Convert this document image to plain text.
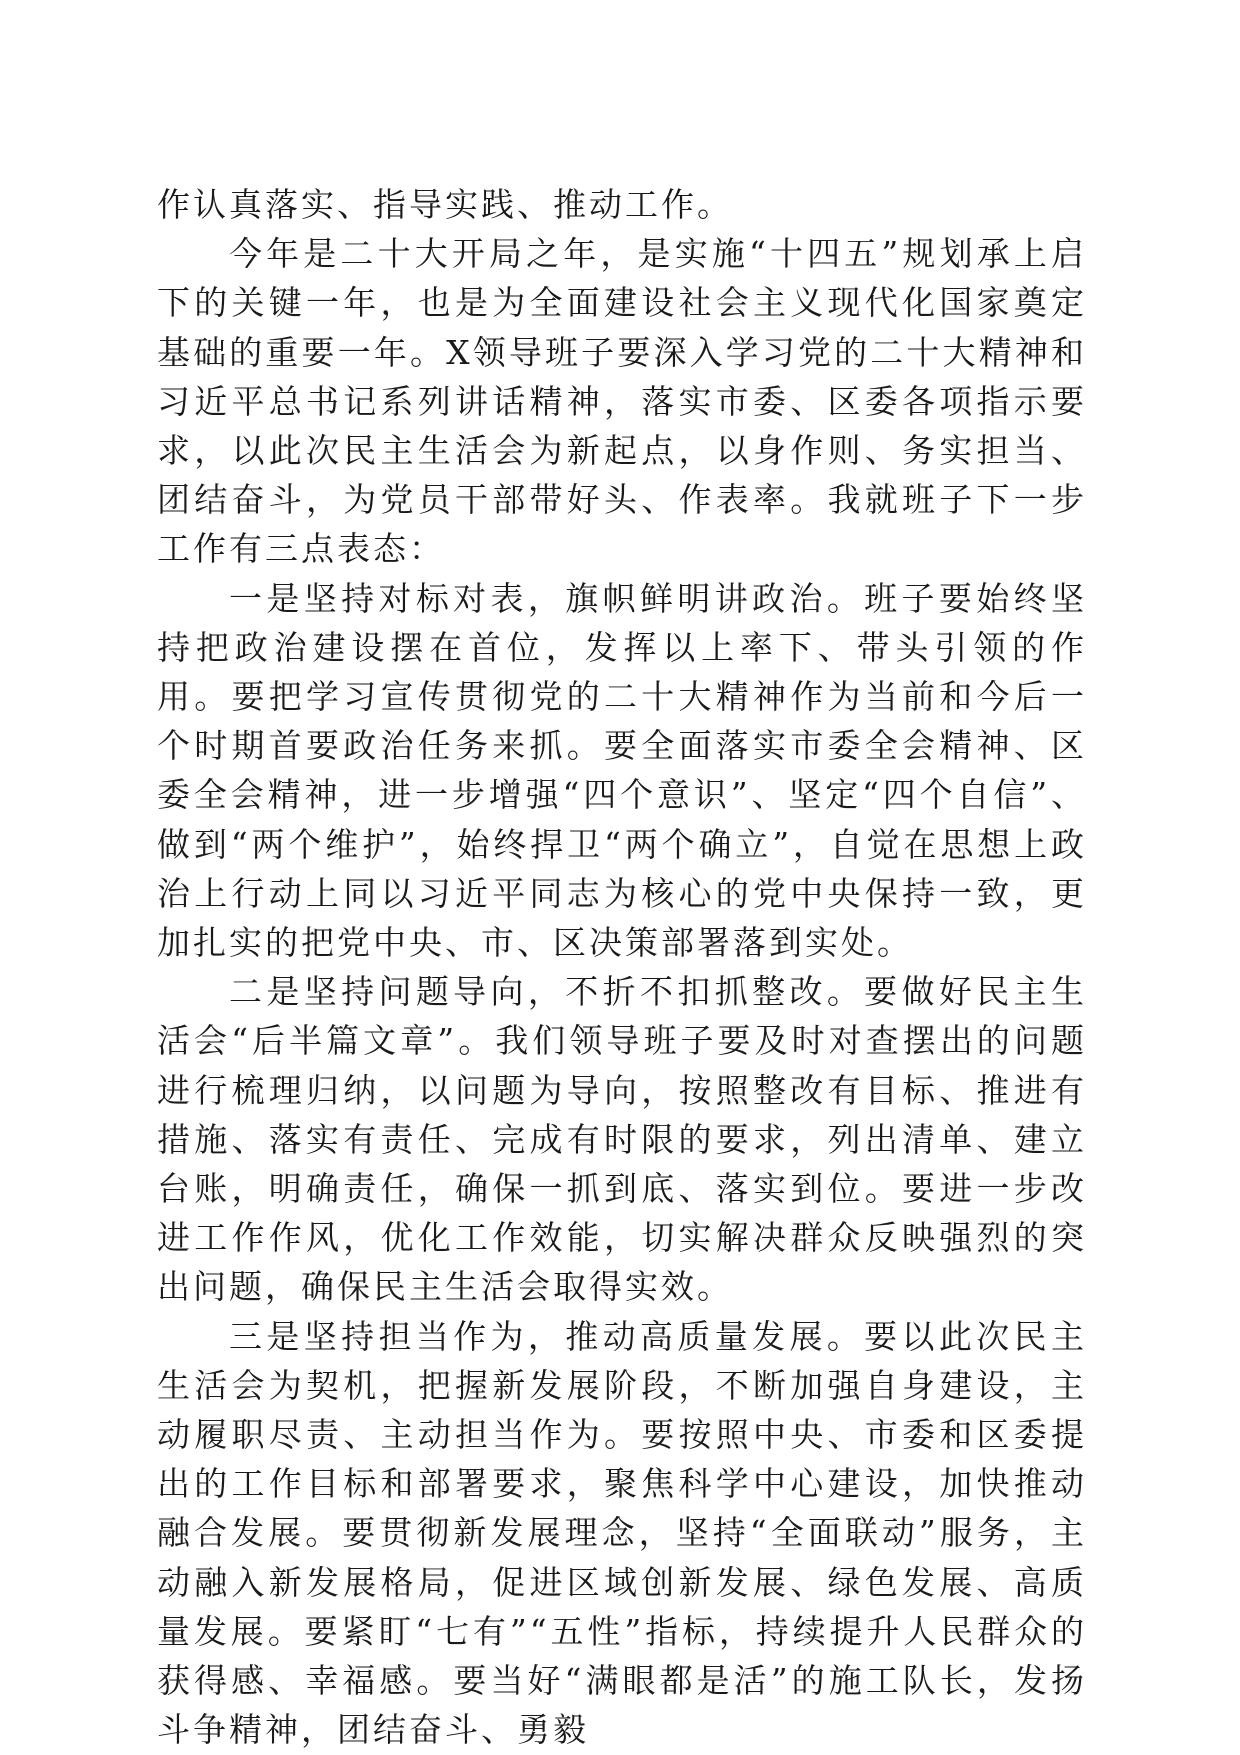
作认真落实、指导实践、推动工作。

今年是二十大开局之年，是实施“十四五”规划承上启下的关键一年，也是为全面建设社会主义现代化国家奠定基础的重要一年。X领导班子要深入学习党的二十大精神和习近平总书记系列讲话精神，落实市委、区委各项指示要求，以此次民主生活会为新起点，以身作则、务实担当、团结奋斗，为党员干部带好头、作表率。我就班子下一步工作有三点表态：

一是坚持对标对表，旗帜鲜明讲政治。班子要始终坚持把政治建设摆在首位，发挥以上率下、带头引领的作用。要把学习宣传贯彻党的二十大精神作为当前和今后一个时期首要政治任务来抓。要全面落实市委全会精神、区委全会精神，进一步增强“四个意识”、坚定“四个自信”、做到“两个维护”，始终捍卫“两个确立”，自觉在思想上政治上行动上同以习近平同志为核心的党中央保持一致，更加扎实的把党中央、市、区决策部署落到实处。

二是坚持问题导向，不折不扣抓整改。要做好民主生活会“后半篇文章”。我们领导班子要及时对查摆出的问题进行梳理归纳，以问题为导向，按照整改有目标、推进有措施、落实有责任、完成有时限的要求，列出清单、建立台账，明确责任，确保一抓到底、落实到位。要进一步改进工作作风，优化工作效能，切实解决群众反映强烈的突出问题，确保民主生活会取得实效。

三是坚持担当作为，推动高质量发展。要以此次民主生活会为契机，把握新发展阶段，不断加强自身建设，主动履职尽责、主动担当作为。要按照中央、市委和区委提出的工作目标和部署要求，聚焦科学中心建设，加快推动融合发展。要贯彻新发展理念，坚持“全面联动”服务，主动融入新发展格局，促进区域创新发展、绿色发展、高质量发展。要紧盯“七有”“五性”指标，持续提升人民群众的获得感、幸福感。要当好“满眼都是活”的施工队长，发扬斗争精神，团结奋斗、勇毅
